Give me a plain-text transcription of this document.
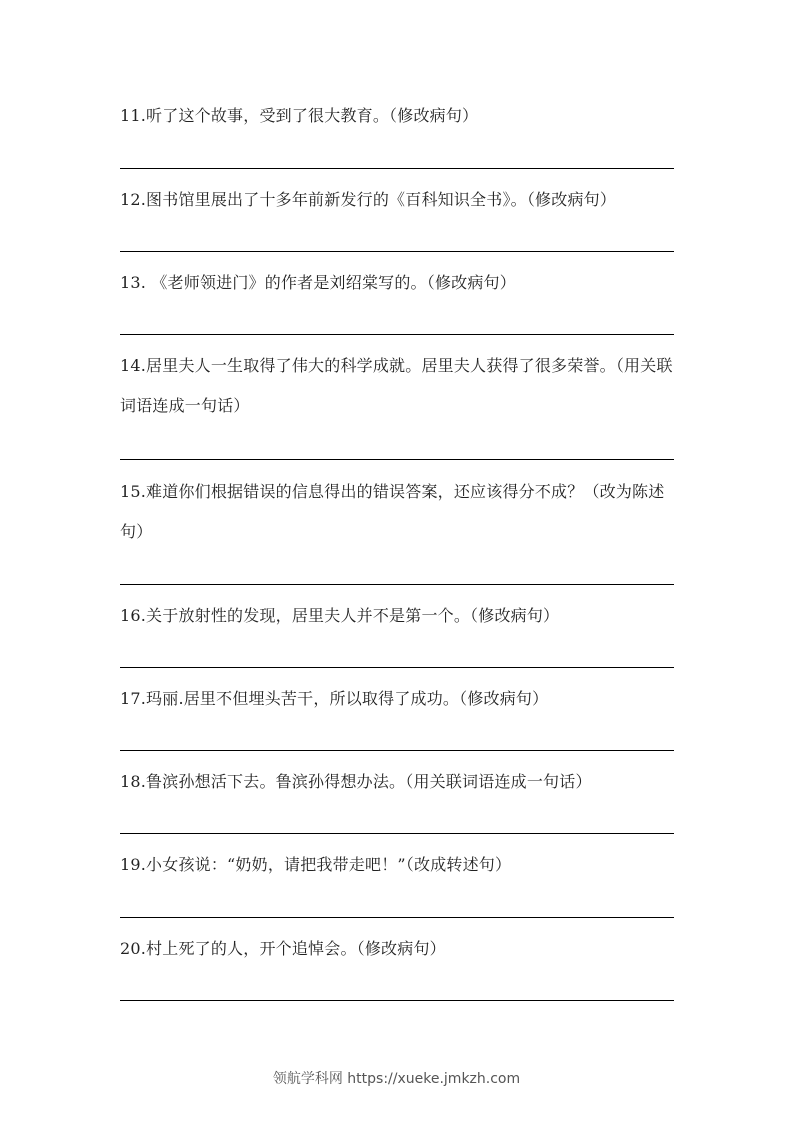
11.听了这个故事，受到了很大教育。（修改病句）
12.图书馆里展出了十多年前新发行的《百科知识全书》。（修改病句）
13. 《老师领进门》的作者是刘绍棠写的。（修改病句）
14.居里夫人一生取得了伟大的科学成就。居里夫人获得了很多荣誉。（用关联词语连成一句话）
15.难道你们根据错误的信息得出的错误答案，还应该得分不成？（改为陈述句）
16.关于放射性的发现，居里夫人并不是第一个。（修改病句）
17.玛丽.居里不但埋头苦干，所以取得了成功。（修改病句）
18.鲁滨孙想活下去。鲁滨孙得想办法。（用关联词语连成一句话）
19.小女孩说：“奶奶，请把我带走吧！”（改成转述句）
20.村上死了的人，开个追悼会。（修改病句）
领航学科网 https://xueke.jmkzh.com
